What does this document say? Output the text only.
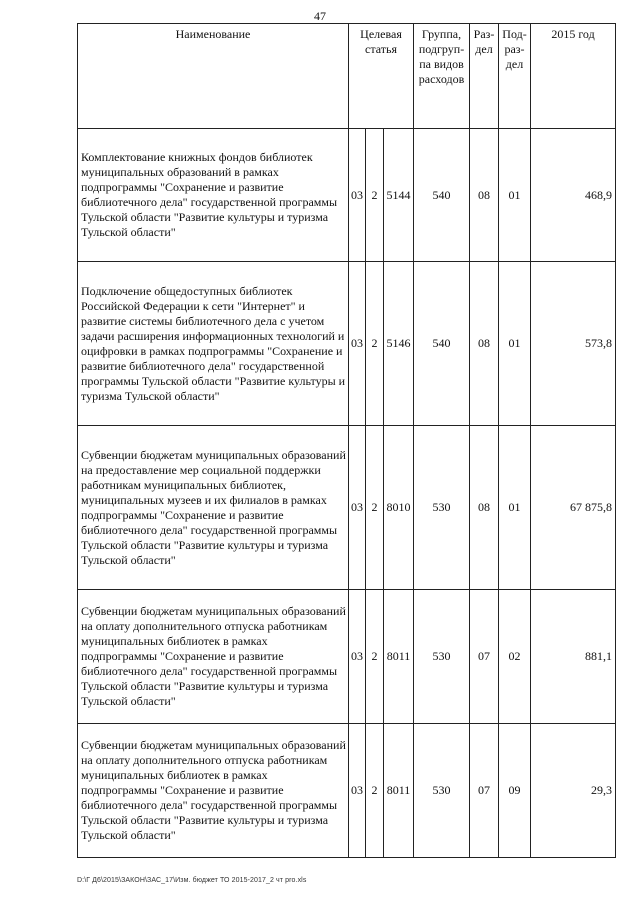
47
Наименование	Целевая статья			Группа, подгруп-па видов расходов	Раз-дел	Под-раз-дел	2015 год
Комплектование книжных фондов библиотек муниципальных образований в рамках подпрограммы "Сохранение и развитие библиотечного дела" государственной программы Тульской области "Развитие культуры и туризма Тульской области"	03	2	5144	540	08	01	468,9
Подключение общедоступных библиотек Российской Федерации к сети "Интернет" и развитие системы библиотечного дела с учетом задачи расширения информационных технологий и оцифровки в рамках подпрограммы "Сохранение и развитие библиотечного дела" государственной программы Тульской области "Развитие культуры и туризма Тульской области"	03	2	5146	540	08	01	573,8
Субвенции бюджетам муниципальных образований на предоставление мер социальной поддержки работникам муниципальных библиотек, муниципальных музеев и их филиалов в рамках подпрограммы "Сохранение и развитие библиотечного дела" государственной программы Тульской области "Развитие культуры и туризма Тульской области"	03	2	8010	530	08	01	67 875,8
Субвенции бюджетам муниципальных образований на оплату дополнительного отпуска работникам муниципальных библиотек в рамках подпрограммы "Сохранение и развитие библиотечного дела" государственной программы Тульской области "Развитие культуры и туризма Тульской области"	03	2	8011	530	07	02	881,1
Субвенции бюджетам муниципальных образований на оплату дополнительного отпуска работникам муниципальных библиотек в рамках подпрограммы "Сохранение и развитие библиотечного дела" государственной программы Тульской области "Развитие культуры и туризма Тульской области"	03	2	8011	530	07	09	29,3
D:\Г Д6\2015\ЗАКОН\ЗАС_17\Изм. бюджет ТО 2015-2017_2 чт pro.xls
